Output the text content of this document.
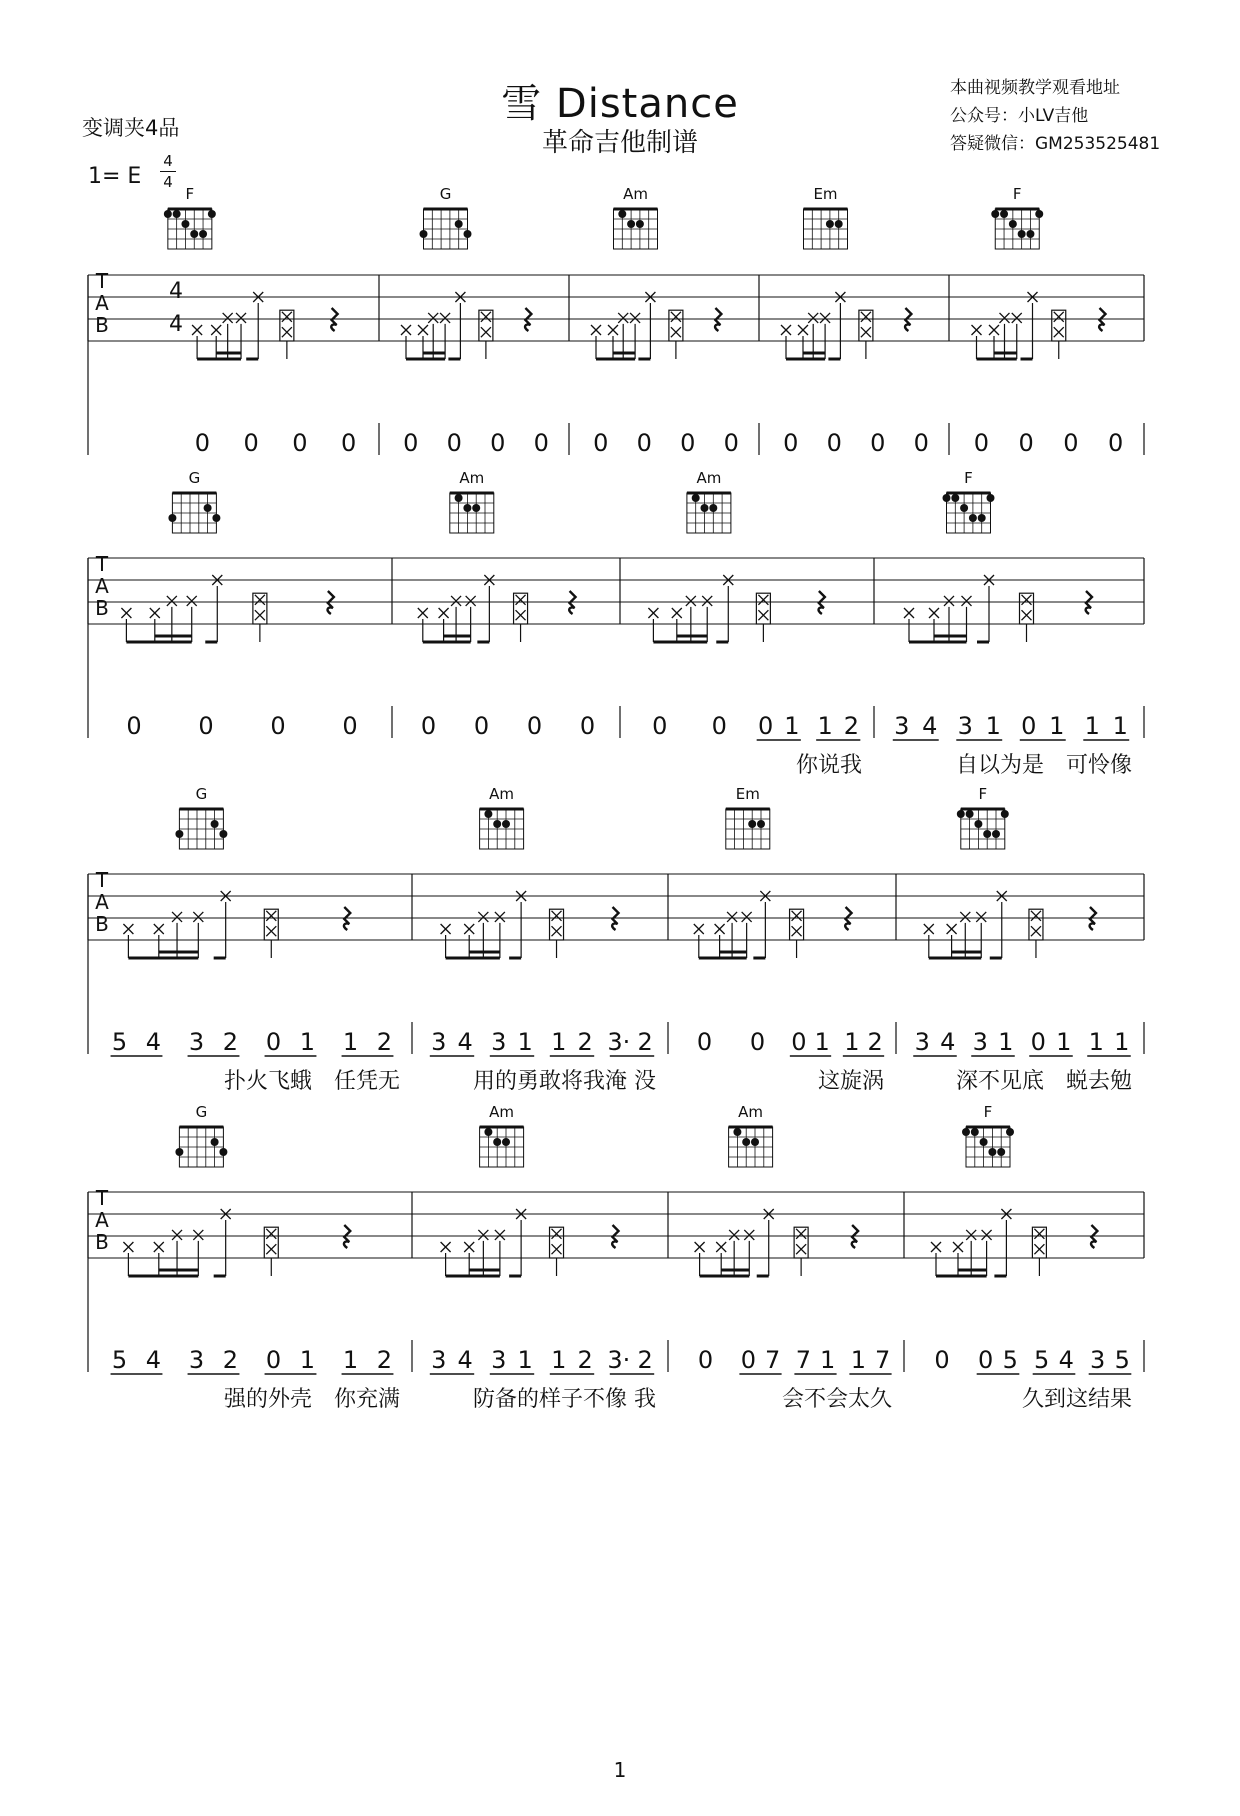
雪 Distance
革命吉他制谱
变调夹4品
1= E
4
4
本曲视频教学观看地址
公众号：小LV吉他
答疑微信：GM253525481
T
A
B
4
4
0 0 0 0 0 0 0 0 0 0 0 0 0 0 0 0 0 0 0 0
F	G	Am	Em	F
T
A
B
0 0 0 0	0 0 0 0 0 0 0 1 1 2
你说我
3 4 3 1 0 1 1 1
自以为是　可怜像
G	Am	Am	F
T
A
B
5 4 3 2 0 1 1 2
扑火飞蛾　任凭无
3 4 3 1 1 2 3· 2
用的勇敢将我淹 没
0 0 0 1 1 2
这旋涡
3 4 3 1 0 1 1 1
深不见底　蜕去勉
G	Am	Em	F
T
A
B
5 4 3 2 0 1 1 2
强的外壳　你充满
3 4 3 1 1 2 3· 2
防备的样子不像 我
0 0 7 7 1 1 7
会不会太久
0 0 5 5 4 3 5
久到这结果
G	Am	Am	F
1
